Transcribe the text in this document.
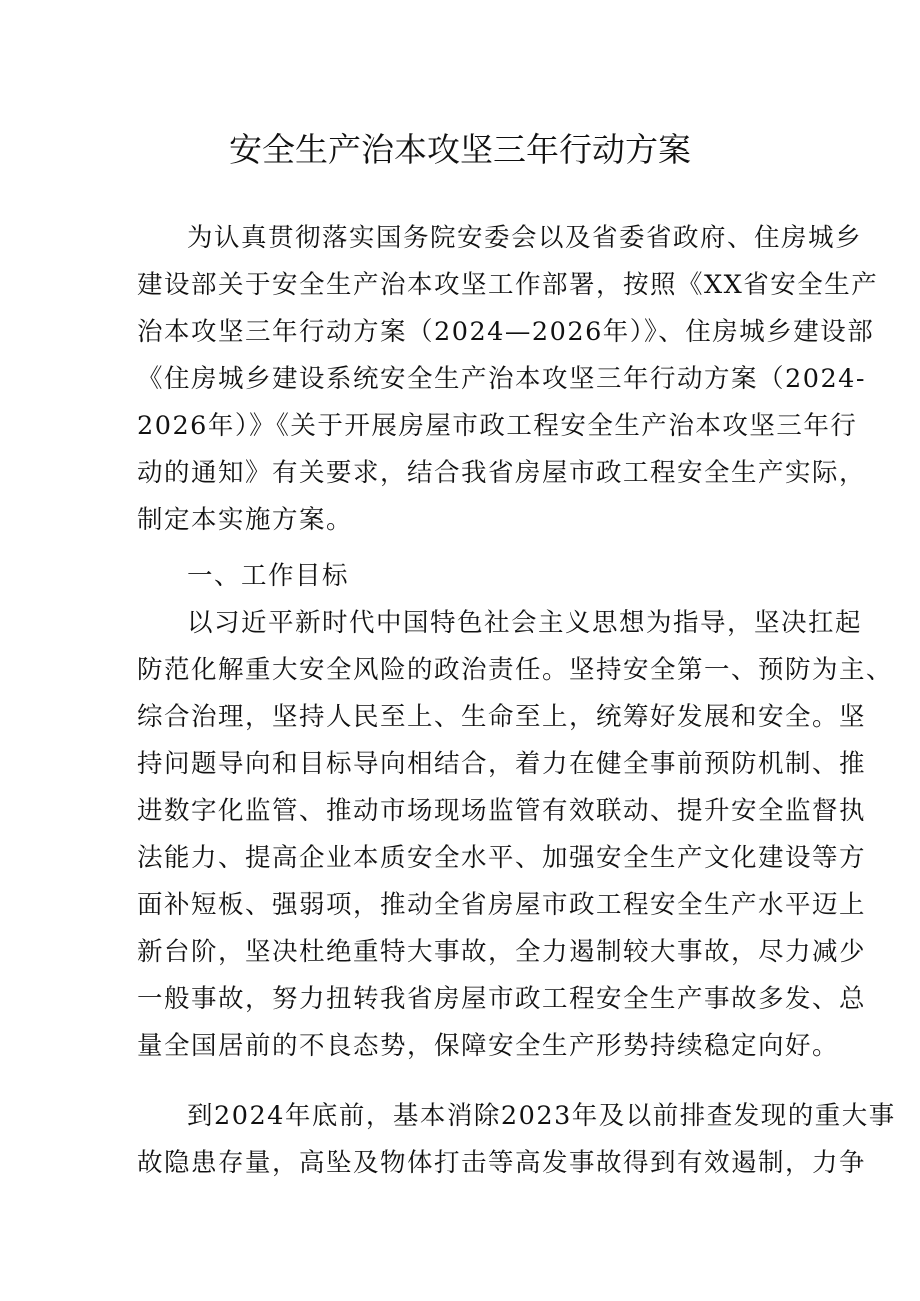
安全生产治本攻坚三年行动方案

为认真贯彻落实国务院安委会以及省委省政府、住房城乡

建设部关于安全生产治本攻坚工作部署，按照《XX省安全生产

治本攻坚三年行动方案（2024—2026年）》、住房城乡建设部

《住房城乡建设系统安全生产治本攻坚三年行动方案（2024-

2026年）》《关于开展房屋市政工程安全生产治本攻坚三年行

动的通知》有关要求，结合我省房屋市政工程安全生产实际，

制定本实施方案。

一、工作目标

以习近平新时代中国特色社会主义思想为指导，坚决扛起

防范化解重大安全风险的政治责任。坚持安全第一、预防为主、

综合治理，坚持人民至上、生命至上，统筹好发展和安全。坚

持问题导向和目标导向相结合，着力在健全事前预防机制、推

进数字化监管、推动市场现场监管有效联动、提升安全监督执

法能力、提高企业本质安全水平、加强安全生产文化建设等方

面补短板、强弱项，推动全省房屋市政工程安全生产水平迈上

新台阶，坚决杜绝重特大事故，全力遏制较大事故，尽力减少

一般事故，努力扭转我省房屋市政工程安全生产事故多发、总

量全国居前的不良态势，保障安全生产形势持续稳定向好。

到2024年底前，基本消除2023年及以前排查发现的重大事

故隐患存量，高坠及物体打击等高发事故得到有效遏制，力争
